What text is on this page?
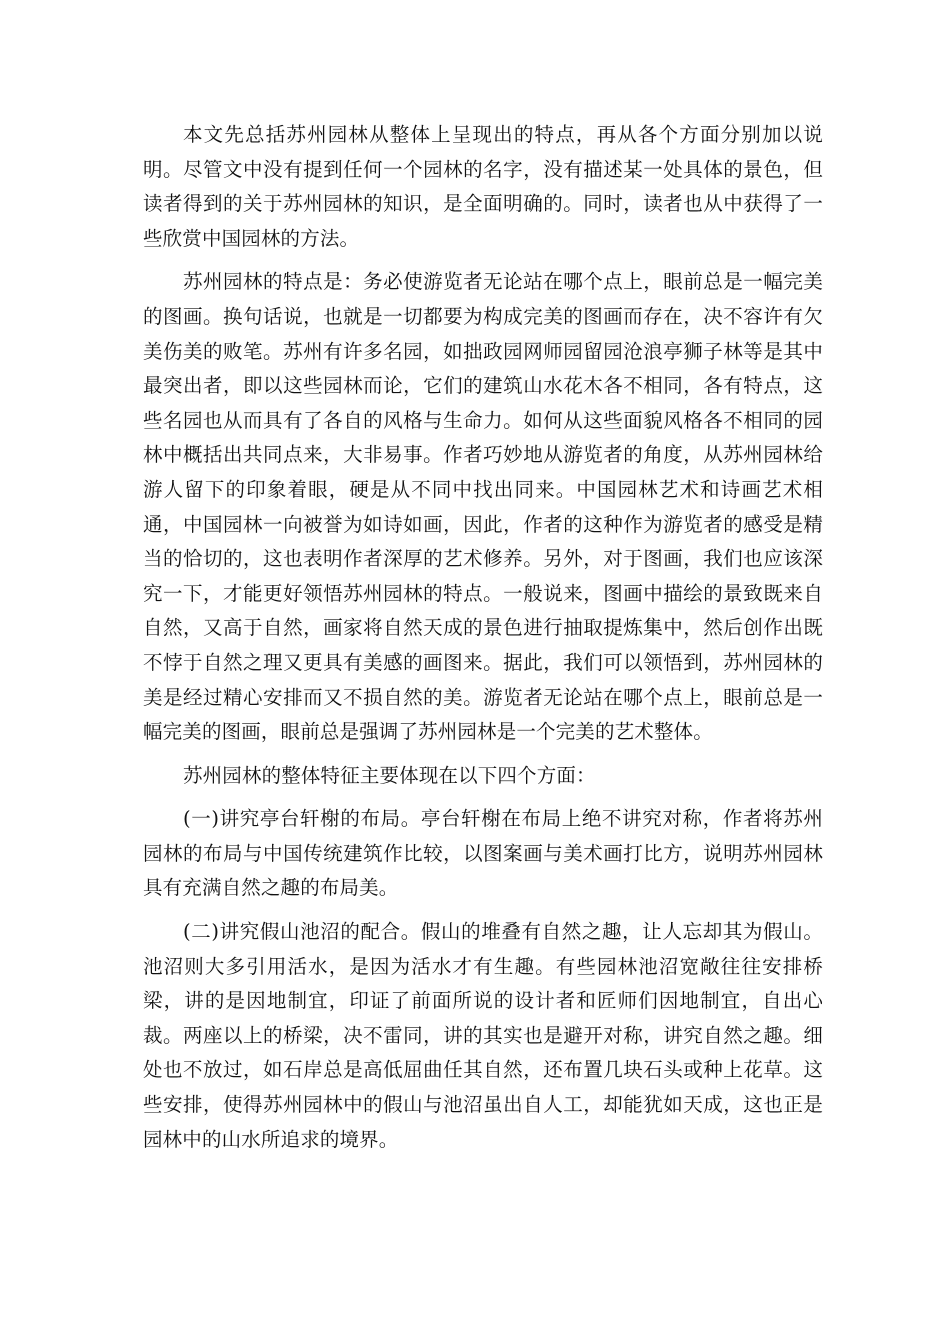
本文先总括苏州园林从整体上呈现出的特点，再从各个方面分别加以说明。尽管文中没有提到任何一个园林的名字，没有描述某一处具体的景色，但读者得到的关于苏州园林的知识，是全面明确的。同时，读者也从中获得了一些欣赏中国园林的方法。

苏州园林的特点是：务必使游览者无论站在哪个点上，眼前总是一幅完美的图画。换句话说，也就是一切都要为构成完美的图画而存在，决不容许有欠美伤美的败笔。苏州有许多名园，如拙政园网师园留园沧浪亭狮子林等是其中最突出者，即以这些园林而论，它们的建筑山水花木各不相同，各有特点，这些名园也从而具有了各自的风格与生命力。如何从这些面貌风格各不相同的园林中概括出共同点来，大非易事。作者巧妙地从游览者的角度，从苏州园林给游人留下的印象着眼，硬是从不同中找出同来。中国园林艺术和诗画艺术相通，中国园林一向被誉为如诗如画，因此，作者的这种作为游览者的感受是精当的恰切的，这也表明作者深厚的艺术修养。另外，对于图画，我们也应该深究一下，才能更好领悟苏州园林的特点。一般说来，图画中描绘的景致既来自自然，又高于自然，画家将自然天成的景色进行抽取提炼集中，然后创作出既不悖于自然之理又更具有美感的画图来。据此，我们可以领悟到，苏州园林的美是经过精心安排而又不损自然的美。游览者无论站在哪个点上，眼前总是一幅完美的图画，眼前总是强调了苏州园林是一个完美的艺术整体。

苏州园林的整体特征主要体现在以下四个方面：

(一)讲究亭台轩榭的布局。亭台轩榭在布局上绝不讲究对称，作者将苏州园林的布局与中国传统建筑作比较，以图案画与美术画打比方，说明苏州园林具有充满自然之趣的布局美。

(二)讲究假山池沼的配合。假山的堆叠有自然之趣，让人忘却其为假山。池沼则大多引用活水，是因为活水才有生趣。有些园林池沼宽敞往往安排桥梁，讲的是因地制宜，印证了前面所说的设计者和匠师们因地制宜，自出心裁。两座以上的桥梁，决不雷同，讲的其实也是避开对称，讲究自然之趣。细处也不放过，如石岸总是高低屈曲任其自然，还布置几块石头或种上花草。这些安排，使得苏州园林中的假山与池沼虽出自人工，却能犹如天成，这也正是园林中的山水所追求的境界。
